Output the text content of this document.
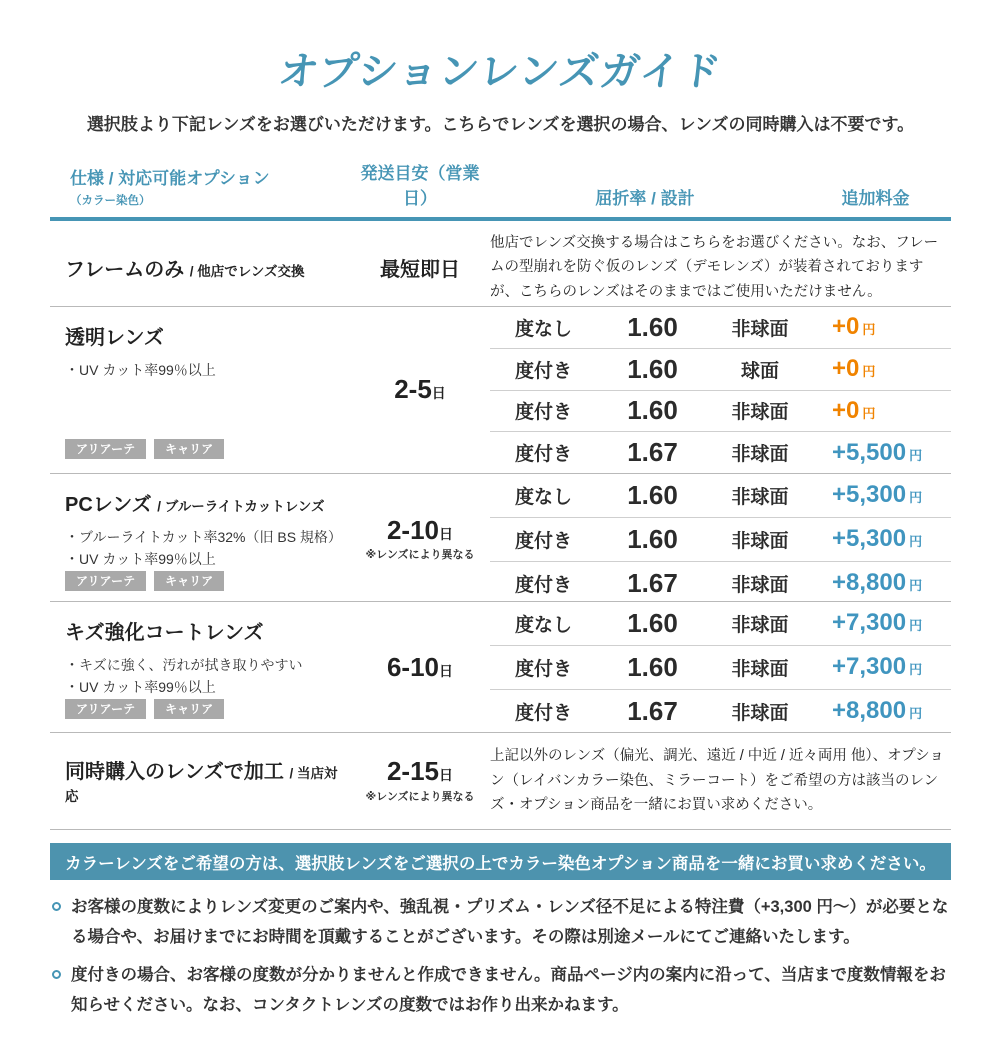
オプションレンズガイド

選択肢より下記レンズをお選びいただけます。こちらでレンズを選択の場合、レンズの同時購入は不要です。

仕様 / 対応可能オプション（カラー染色）
発送目安（営業日）	屈折率 / 設計	追加料金
フレームのみ / 他店でレンズ交換	最短即日
他店でレンズ交換する場合はこちらをお選びください。なお、フレームの型崩れを防ぐ仮のレンズ（デモレンズ）が装着されておりますが、こちらのレンズはそのままではご使用いただけません。
透明レンズ
・UV カット率99％以上
アリアーテ	キャリア
2-5日
度なし	1.60	非球面	+0 円
度付き	1.60	球面	+0 円
度付き	1.60	非球面	+0 円
度付き	1.67	非球面	+5,500 円
PCレンズ / ブルーライトカットレンズ
・ブルーライトカット率32%（旧 BS 規格）
・UV カット率99％以上
アリアーテ	キャリア
2-10日
※レンズにより異なる
度なし	1.60	非球面	+5,300 円
度付き	1.60	非球面	+5,300 円
度付き	1.67	非球面	+8,800 円
キズ強化コートレンズ
・キズに強く、汚れが拭き取りやすい
・UV カット率99％以上
アリアーテ	キャリア
6-10日
度なし	1.60	非球面	+7,300 円
度付き	1.60	非球面	+7,300 円
度付き	1.67	非球面	+8,800 円
同時購入のレンズで加工 / 当店対応
2-15日
※レンズにより異なる
上記以外のレンズ（偏光、調光、遠近 / 中近 / 近々両用 他）、オプション（レイバンカラー染色、ミラーコート）をご希望の方は該当のレンズ・オプション商品を一緒にお買い求めください。
カラーレンズをご希望の方は、選択肢レンズをご選択の上でカラー染色オプション商品を一緒にお買い求めください。
お客様の度数によりレンズ変更のご案内や、強乱視・プリズム・レンズ径不足による特注費（+3,300 円～）が必要となる場合や、お届けまでにお時間を頂戴することがございます。その際は別途メールにてご連絡いたします。
度付きの場合、お客様の度数が分かりませんと作成できません。商品ページ内の案内に沿って、当店まで度数情報をお知らせください。なお、コンタクトレンズの度数ではお作り出来かねます。
